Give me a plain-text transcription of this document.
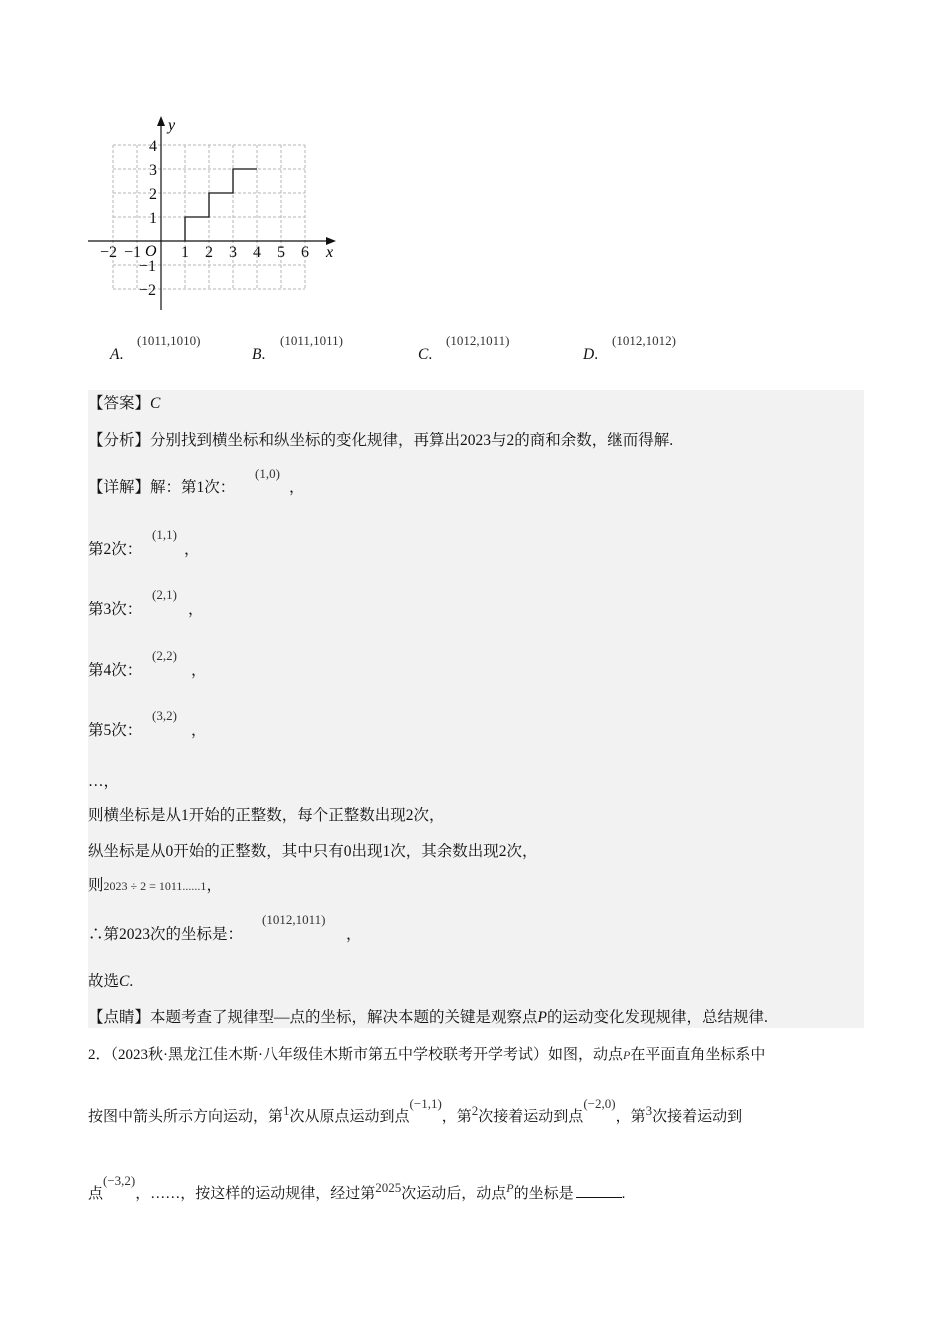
y
x
O
−2 −1 1 2 3 4 5 6
4
3
2
1
−1
−2
A.
(1011,1010)
B.
(1011,1011)
C.
(1012,1011)
D.
(1012,1012)
【答案】C
【分析】分别找到横坐标和纵坐标的变化规律，再算出2023与2的商和余数，继而得解.
【详解】解：第1次：
(1,0)
，
第2次：
(1,1)
，
第3次：
(2,1)
，
第4次：
(2,2)
，
第5次：
(3,2)
，
…，
则横坐标是从1开始的正整数，每个正整数出现2次，
纵坐标是从0开始的正整数，其中只有0出现1次，其余数出现2次，
则2023 ÷ 2 = 1011......1，
∴第2023次的坐标是：
(1012,1011)
，
故选C.
【点睛】本题考查了规律型—点的坐标，解决本题的关键是观察点P的运动变化发现规律，总结规律.
2．（2023秋·黑龙江佳木斯·八年级佳木斯市第五中学校联考开学考试）如图，动点P在平面直角坐标系中
按图中箭头所示方向运动，第1次从原点运动到点(−1,1)，第2次接着运动到点(−2,0)，第3次接着运动到
点(−3,2)，……，按这样的运动规律，经过第2025次运动后，动点$^P$的坐标是	.
